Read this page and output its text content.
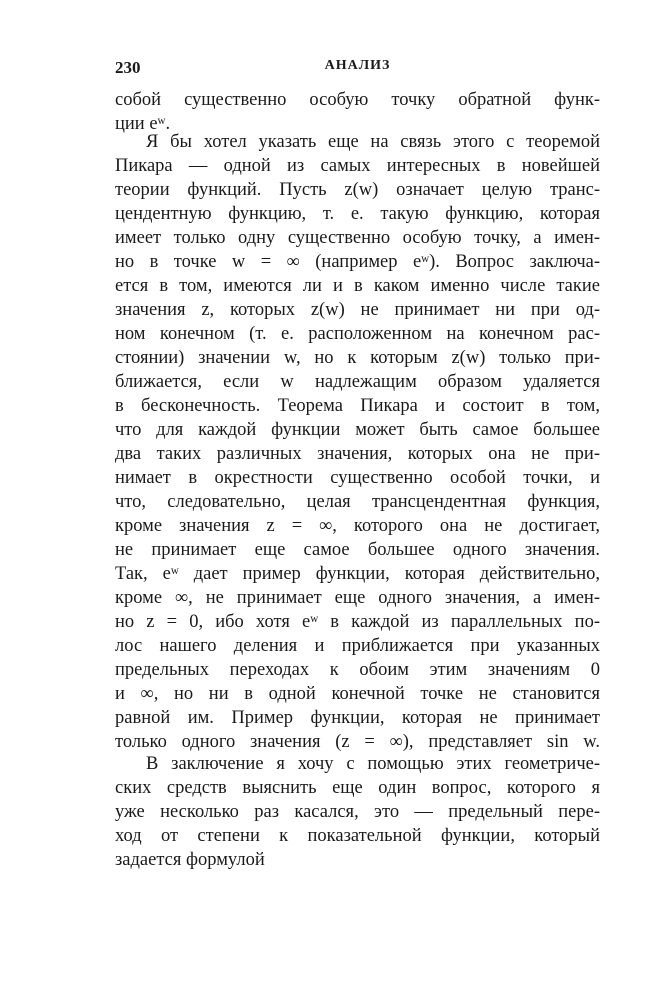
230	АНАЛИЗ
собой существенно особую точку обратной функ-
ции eʷ.
Я бы хотел указать еще на связь этого с теоремой
Пикара — одной из самых интересных в новейшей
теории функций. Пусть z(w) означает целую транс-
цендентную функцию, т. е. такую функцию, которая
имеет только одну существенно особую точку, а имен-
но в точке w = ∞ (например eʷ). Вопрос заключа-
ется в том, имеются ли и в каком именно числе такие
значения z, которых z(w) не принимает ни при од-
ном конечном (т. е. расположенном на конечном рас-
стоянии) значении w, но к которым z(w) только при-
ближается, если w надлежащим образом удаляется
в бесконечность. Теорема Пикара и состоит в том,
что для каждой функции может быть самое большее
два таких различных значения, которых она не при-
нимает в окрестности существенно особой точки, и
что, следовательно, целая трансцендентная функция,
кроме значения z = ∞, которого она не достигает,
не принимает еще самое большее одного значения.
Так, eʷ дает пример функции, которая действительно,
кроме ∞, не принимает еще одного значения, а имен-
но z = 0, ибо хотя eʷ в каждой из параллельных по-
лос нашего деления и приближается при указанных
предельных переходах к обоим этим значениям 0
и ∞, но ни в одной конечной точке не становится
равной им. Пример функции, которая не принимает
только одного значения (z = ∞), представляет sin w.
В заключение я хочу с помощью этих геометриче-
ских средств выяснить еще один вопрос, которого я
уже несколько раз касался, это — предельный пере-
ход от степени к показательной функции, который
задается формулой
